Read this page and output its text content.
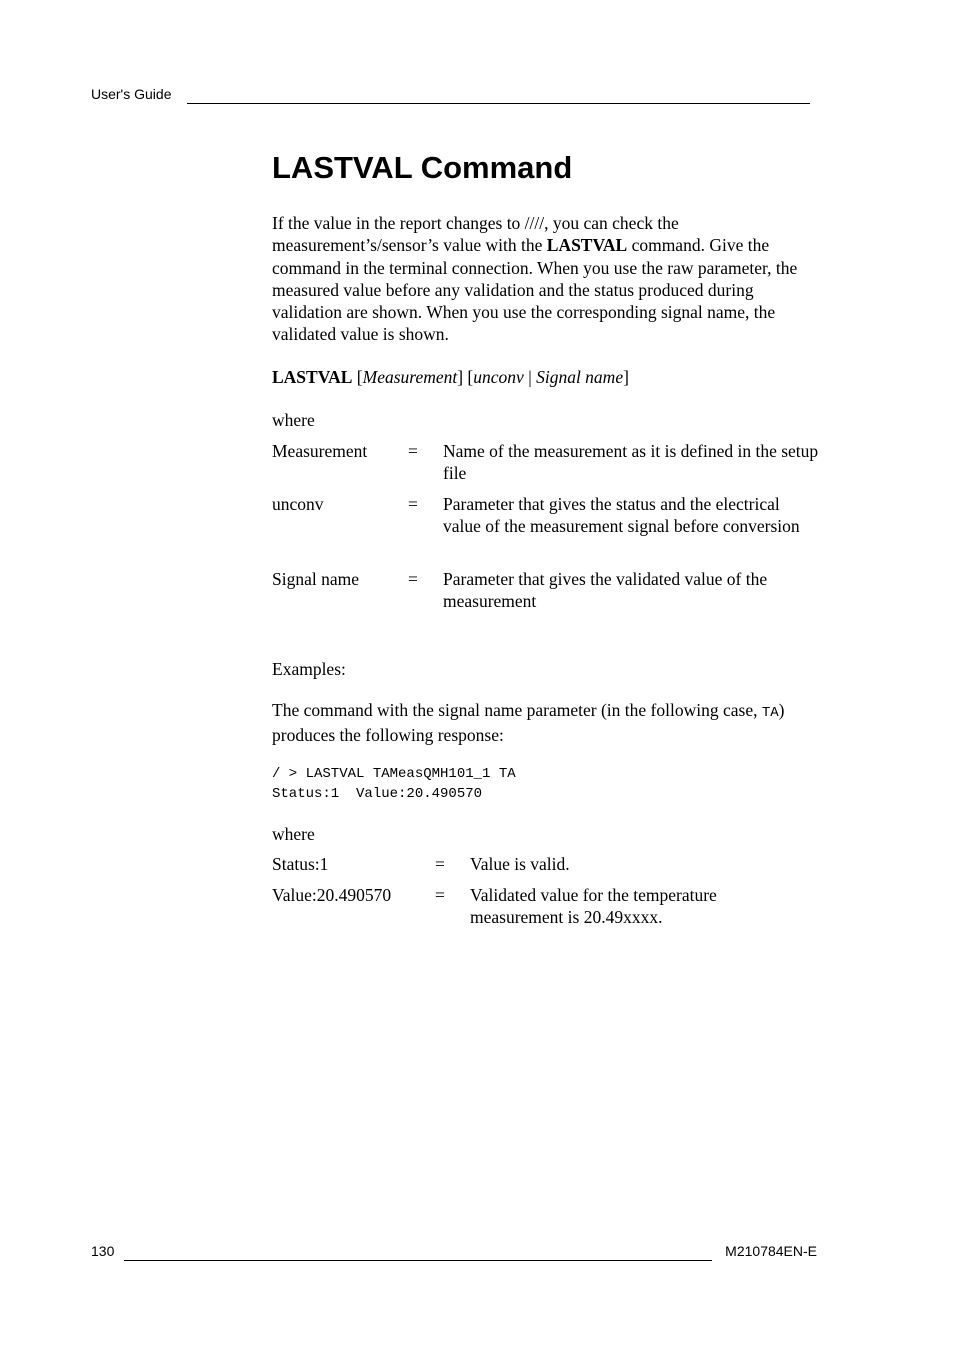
User's Guide
LASTVAL Command

If the value in the report changes to ////, you can check the measurement’s/sensor’s value with the LASTVAL command. Give the command in the terminal connection. When you use the raw parameter, the measured value before any validation and the status produced during validation are shown. When you use the corresponding signal name, the validated value is shown.

LASTVAL [Measurement] [unconv | Signal name]

where

Measurement = Name of the measurement as it is defined in the setup file
unconv	= Parameter that gives the status and the electrical value of the measurement signal before conversion
Signal name	= Parameter that gives the validated value of the measurement

Examples:

The command with the signal name parameter (in the following case, TA) produces the following response:

/ > LASTVAL TAMeasQMH101_1 TA
Status:1  Value:20.490570

where

Status:1	= Value is valid.
Value:20.490570	= Validated value for the temperature measurement is 20.49xxxx.
130	M210784EN-E
